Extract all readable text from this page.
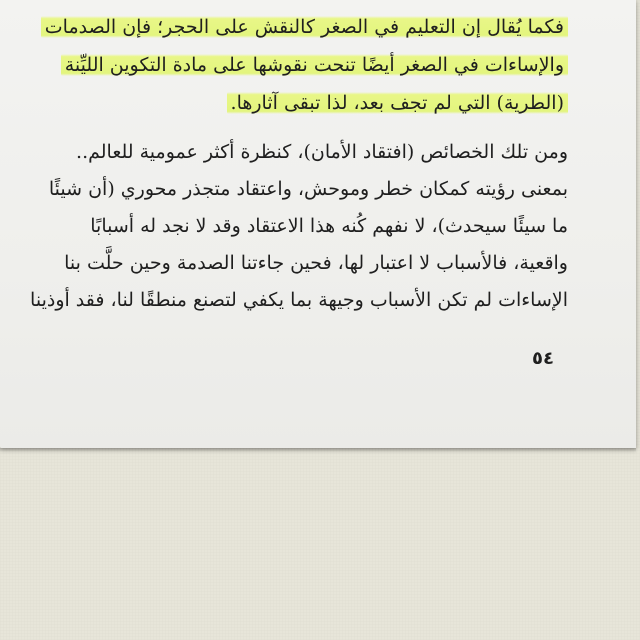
فكما يُقال إن التعليم في الصغر كالنقش على الحجر؛ فإن الصدمات
والإساءات في الصغر أيضًا تنحت نقوشها على مادة التكوين الليِّنة
(الطرية) التي لم تجف بعد، لذا تبقى آثارها.
ومن تلك الخصائص (افتقاد الأمان)، كنظرة أكثر عمومية للعالم..
بمعنى رؤيته كمكان خطر وموحش، واعتقاد متجذر محوري (أن شيئًا
ما سيئًا سيحدث)، لا نفهم كُنه هذا الاعتقاد وقد لا نجد له أسبابًا
واقعية، فالأسباب لا اعتبار لها، فحين جاءتنا الصدمة وحين حلَّت بنا
الإساءات لم تكن الأسباب وجيهة بما يكفي لتصنع منطقًا لنا، فقد أوذينا
٥٤
